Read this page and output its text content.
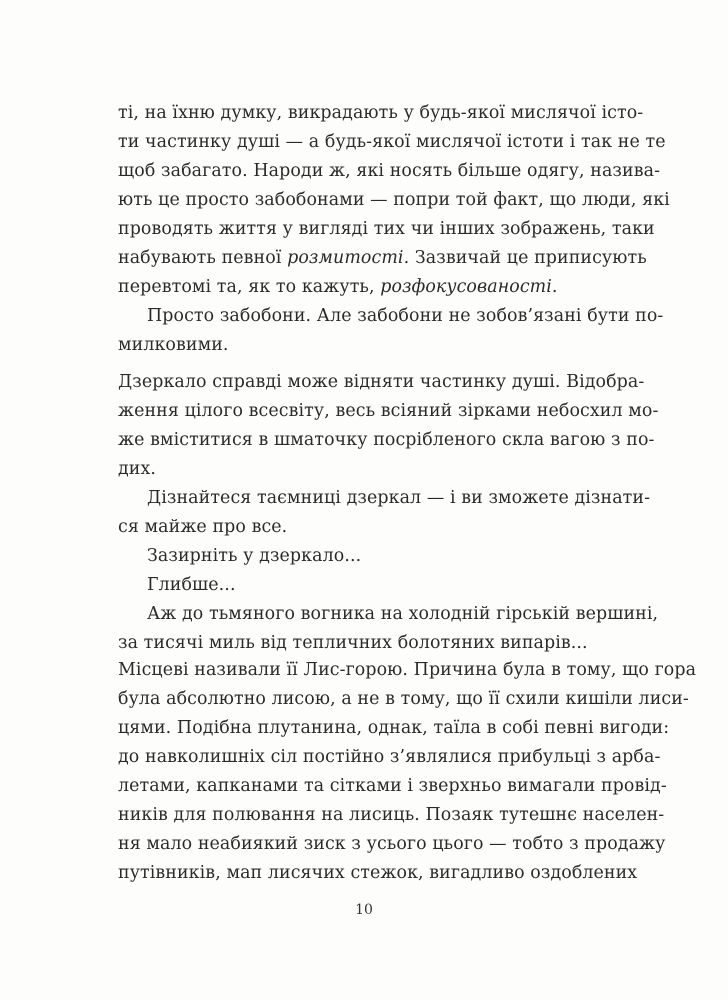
ті, на їхню думку, викрадають у будь-якої мислячої істо-
ти частинку душі — а будь-якої мислячої істоти і так не те
щоб забагато. Народи ж, які носять більше одягу, назива-
ють це просто забобонами — попри той факт, що люди, які
проводять життя у вигляді тих чи інших зображень, таки
набувають певної розмитості. Зазвичай це приписують
перевтомі та, як то кажуть, розфокусованості.
Просто забобони. Але забобони не зобов’язані бути по-
милковими.
Дзеркало справді може відняти частинку душі. Відобра-
ження цілого всесвіту, весь всіяний зірками небосхил мо-
же вміститися в шматочку посрібленого скла вагою з по-
дих.
Дізнайтеся таємниці дзеркал — і ви зможете дізнати-
ся майже про все.
Зазирніть у дзеркало...
Глибше...
Аж до тьмяного вогника на холодній гірській вершині,
за тисячі миль від тепличних болотяних випарів...
Місцеві називали її Лис-горою. Причина була в тому, що гора
була абсолютно лисою, а не в тому, що її схили кишіли лиси-
цями. Подібна плутанина, однак, таїла в собі певні вигоди:
до навколишніх сіл постійно з’являлися прибульці з арба-
летами, капканами та сітками і зверхньо вимагали провід-
ників для полювання на лисиць. Позаяк тутешнє населен-
ня мало неабиякий зиск з усього цього — тобто з продажу
путівників, мап лисячих стежок, вигадливо оздоблених
10
